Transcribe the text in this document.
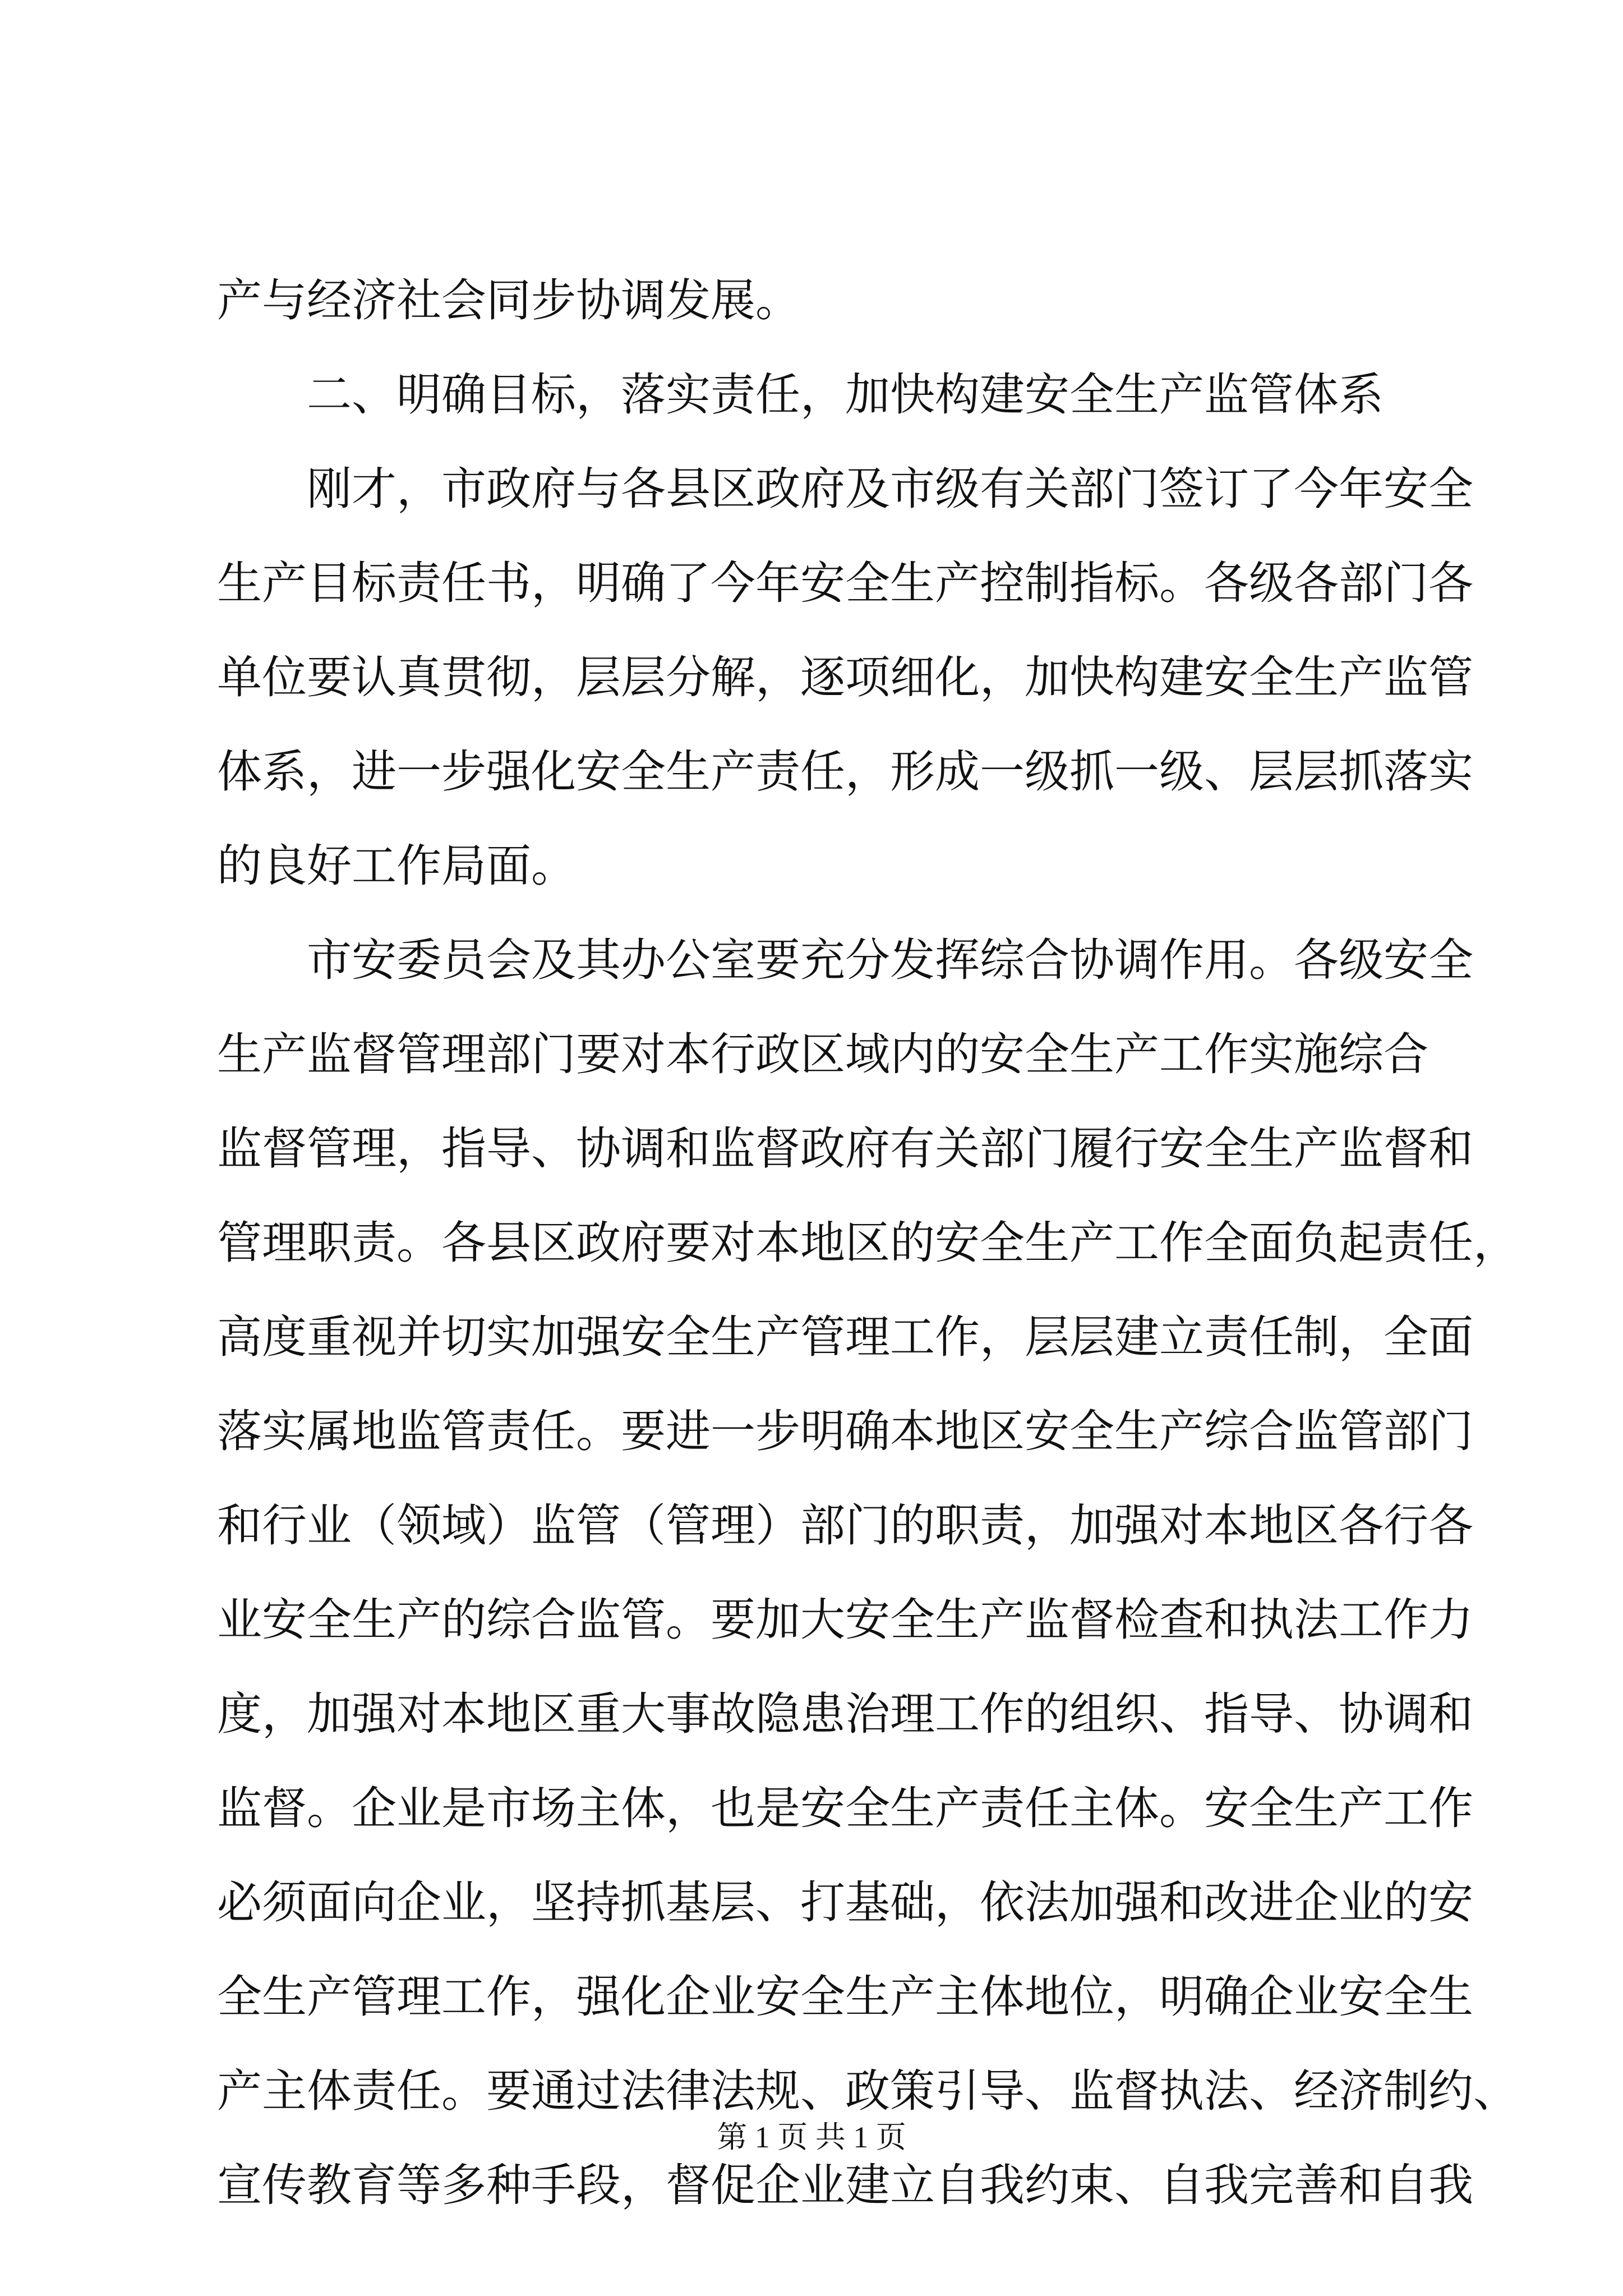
产与经济社会同步协调发展。
二、明确目标，落实责任，加快构建安全生产监管体系
刚才，市政府与各县区政府及市级有关部门签订了今年安全
生产目标责任书，明确了今年安全生产控制指标。各级各部门各
单位要认真贯彻，层层分解，逐项细化，加快构建安全生产监管
体系，进一步强化安全生产责任，形成一级抓一级、层层抓落实
的良好工作局面。
市安委员会及其办公室要充分发挥综合协调作用。各级安全
生产监督管理部门要对本行政区域内的安全生产工作实施综合
监督管理，指导、协调和监督政府有关部门履行安全生产监督和
管理职责。各县区政府要对本地区的安全生产工作全面负起责任，
高度重视并切实加强安全生产管理工作，层层建立责任制，全面
落实属地监管责任。要进一步明确本地区安全生产综合监管部门
和行业（领域）监管（管理）部门的职责，加强对本地区各行各
业安全生产的综合监管。要加大安全生产监督检查和执法工作力
度，加强对本地区重大事故隐患治理工作的组织、指导、协调和
监督。企业是市场主体，也是安全生产责任主体。安全生产工作
必须面向企业，坚持抓基层、打基础，依法加强和改进企业的安
全生产管理工作，强化企业安全生产主体地位，明确企业安全生
产主体责任。要通过法律法规、政策引导、监督执法、经济制约、
宣传教育等多种手段，督促企业建立自我约束、自我完善和自我
第 1 页 共 1 页
